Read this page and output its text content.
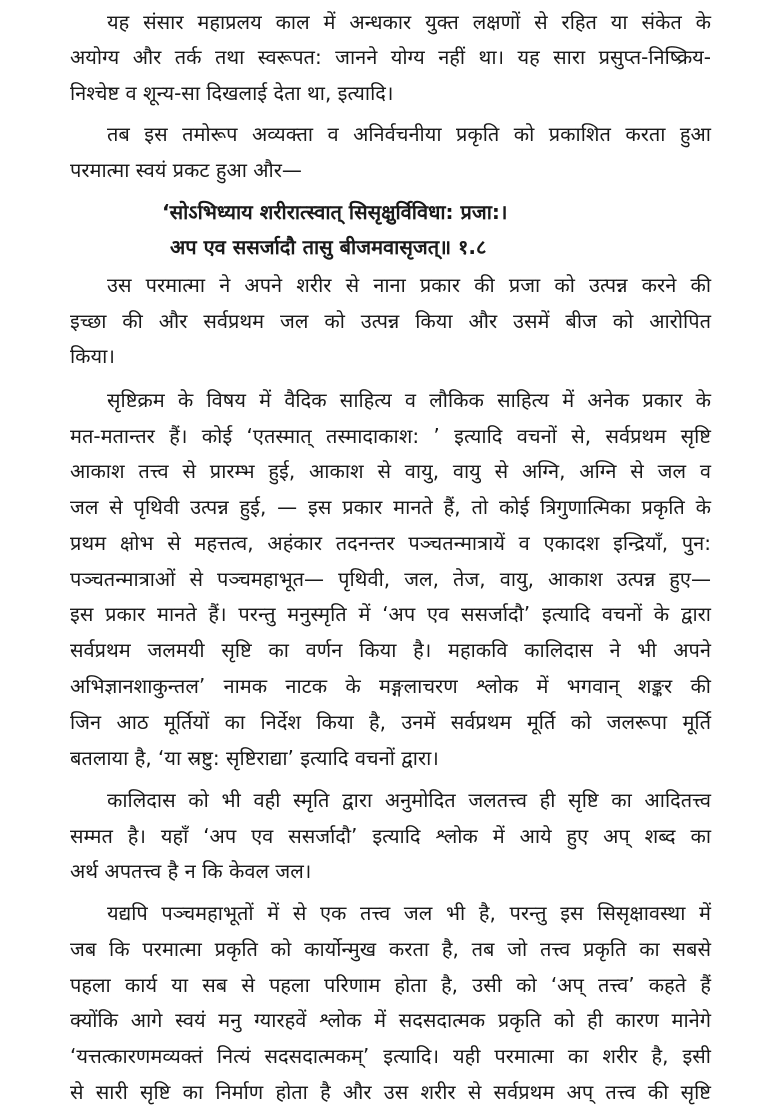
यह संसार महाप्रलय काल में अन्धकार युक्त लक्षणों से रहित या संकेत के
अयोग्य और तर्क तथा स्वरूपत: जानने योग्य नहीं था। यह सारा प्रसुप्त-निष्क्रिय-
निश्चेष्ट व शून्य-सा दिखलाई देता था, इत्यादि।
तब इस तमोरूप अव्यक्ता व अनिर्वचनीया प्रकृति को प्रकाशित करता हुआ
परमात्मा स्वयं प्रकट हुआ और—
‘सोऽभिध्याय शरीरात्स्वात् सिसृक्षुर्विविधा: प्रजा:।
अप एव ससर्जादौ तासु बीजमवासृजत्॥ १.८
उस परमात्मा ने अपने शरीर से नाना प्रकार की प्रजा को उत्पन्न करने की
इच्छा की और सर्वप्रथम जल को उत्पन्न किया और उसमें बीज को आरोपित
किया।
सृष्टिक्रम के विषय में वैदिक साहित्य व लौकिक साहित्य में अनेक प्रकार के
मत-मतान्तर हैं। कोई ‘एतस्मात् तस्मादाकाश: ’ इत्यादि वचनों से, सर्वप्रथम सृष्टि
आकाश तत्त्व से प्रारम्भ हुई, आकाश से वायु, वायु से अग्नि, अग्नि से जल व
जल से पृथिवी उत्पन्न हुई, — इस प्रकार मानते हैं, तो कोई त्रिगुणात्मिका प्रकृति के
प्रथम क्षोभ से महत्तत्व, अहंकार तदनन्तर पञ्चतन्मात्रायें व एकादश इन्द्रियाँ, पुन:
पञ्चतन्मात्राओं से पञ्चमहाभूत— पृथिवी, जल, तेज, वायु, आकाश उत्पन्न हुए—
इस प्रकार मानते हैं। परन्तु मनुस्मृति में ‘अप एव ससर्जादौ’ इत्यादि वचनों के द्वारा
सर्वप्रथम जलमयी सृष्टि का वर्णन किया है। महाकवि कालिदास ने भी अपने
अभिज्ञानशाकुन्तल’ नामक नाटक के मङ्गलाचरण श्लोक में भगवान् शङ्कर की
जिन आठ मूर्तियों का निर्देश किया है, उनमें सर्वप्रथम मूर्ति को जलरूपा मूर्ति
बतलाया है, ‘या स्रष्टु: सृष्टिराद्या’ इत्यादि वचनों द्वारा।
कालिदास को भी वही स्मृति द्वारा अनुमोदित जलतत्त्व ही सृष्टि का आदितत्त्व
सम्मत है। यहाँ ‘अप एव ससर्जादौ’ इत्यादि श्लोक में आये हुए अप् शब्द का
अर्थ अपतत्त्व है न कि केवल जल।
यद्यपि पञ्चमहाभूतों में से एक तत्त्व जल भी है, परन्तु इस सिसृक्षावस्था में
जब कि परमात्मा प्रकृति को कार्योन्मुख करता है, तब जो तत्त्व प्रकृति का सबसे
पहला कार्य या सब से पहला परिणाम होता है, उसी को ‘अप् तत्त्व’ कहते हैं
क्योंकि आगे स्वयं मनु ग्यारहवें श्लोक में सदसदात्मक प्रकृति को ही कारण मानेगे
‘यत्तत्कारणमव्यक्तं नित्यं सदसदात्मकम्’ इत्यादि। यही परमात्मा का शरीर है, इसी
से सारी सृष्टि का निर्माण होता है और उस शरीर से सर्वप्रथम अप् तत्त्व की सृष्टि
